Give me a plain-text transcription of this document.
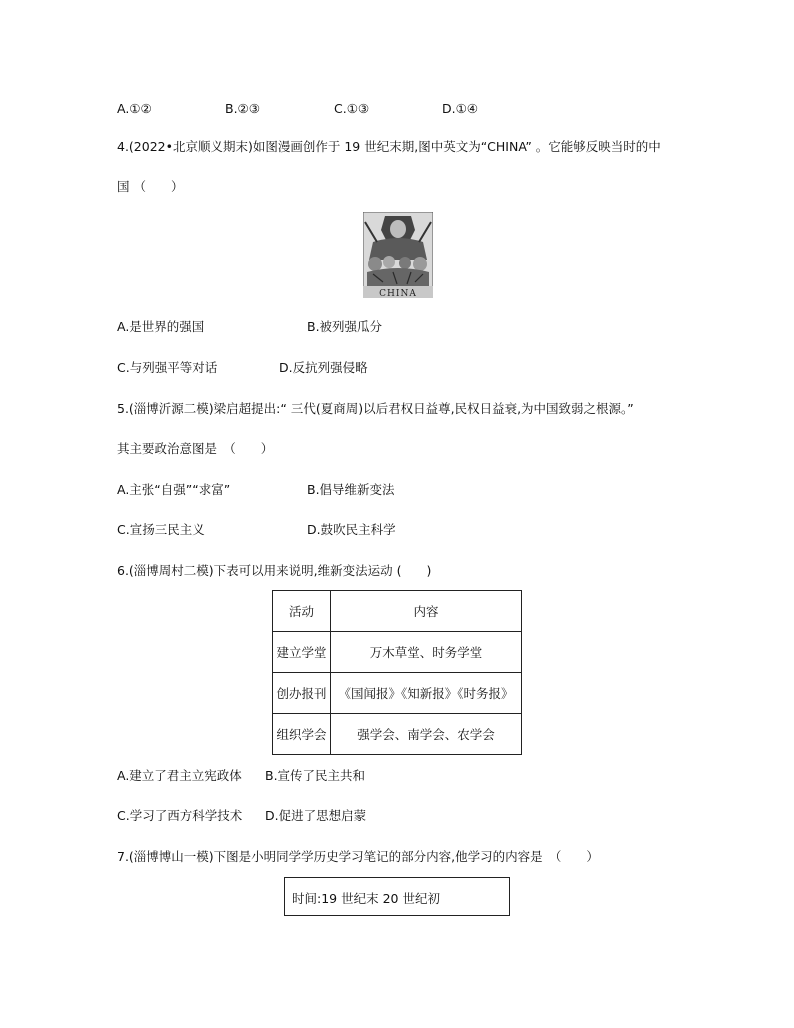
A.①②	B.②③	C.①③	D.①④
4.(2022•北京顺义期末)如图漫画创作于 19 世纪末期,图中英文为“CHINA” 。它能够反映当时的中
国 （　　）
CHINA
A.是世界的强国	B.被列强瓜分
C.与列强平等对话	D.反抗列强侵略
5.(淄博沂源二模)梁启超提出:“ 三代(夏商周)以后君权日益尊,民权日益衰,为中国致弱之根源。”
其主要政治意图是　（　　）
A.主张“自强”“求富”	B.倡导维新变法
C.宣扬三民主义	D.鼓吹民主科学
6.(淄博周村二模)下表可以用来说明,维新变法运动 (　　)
活动	内容
建立学堂	万木草堂、时务学堂
创办报刊	《国闻报》《知新报》《时务报》
组织学会	强学会、南学会、农学会
A.建立了君主立宪政体 B.宣传了民主共和
C.学习了西方科学技术 D.促进了思想启蒙
7.(淄博博山一模)下图是小明同学学历史学习笔记的部分内容,他学习的内容是　（　　）
时间:19 世纪末 20 世纪初
